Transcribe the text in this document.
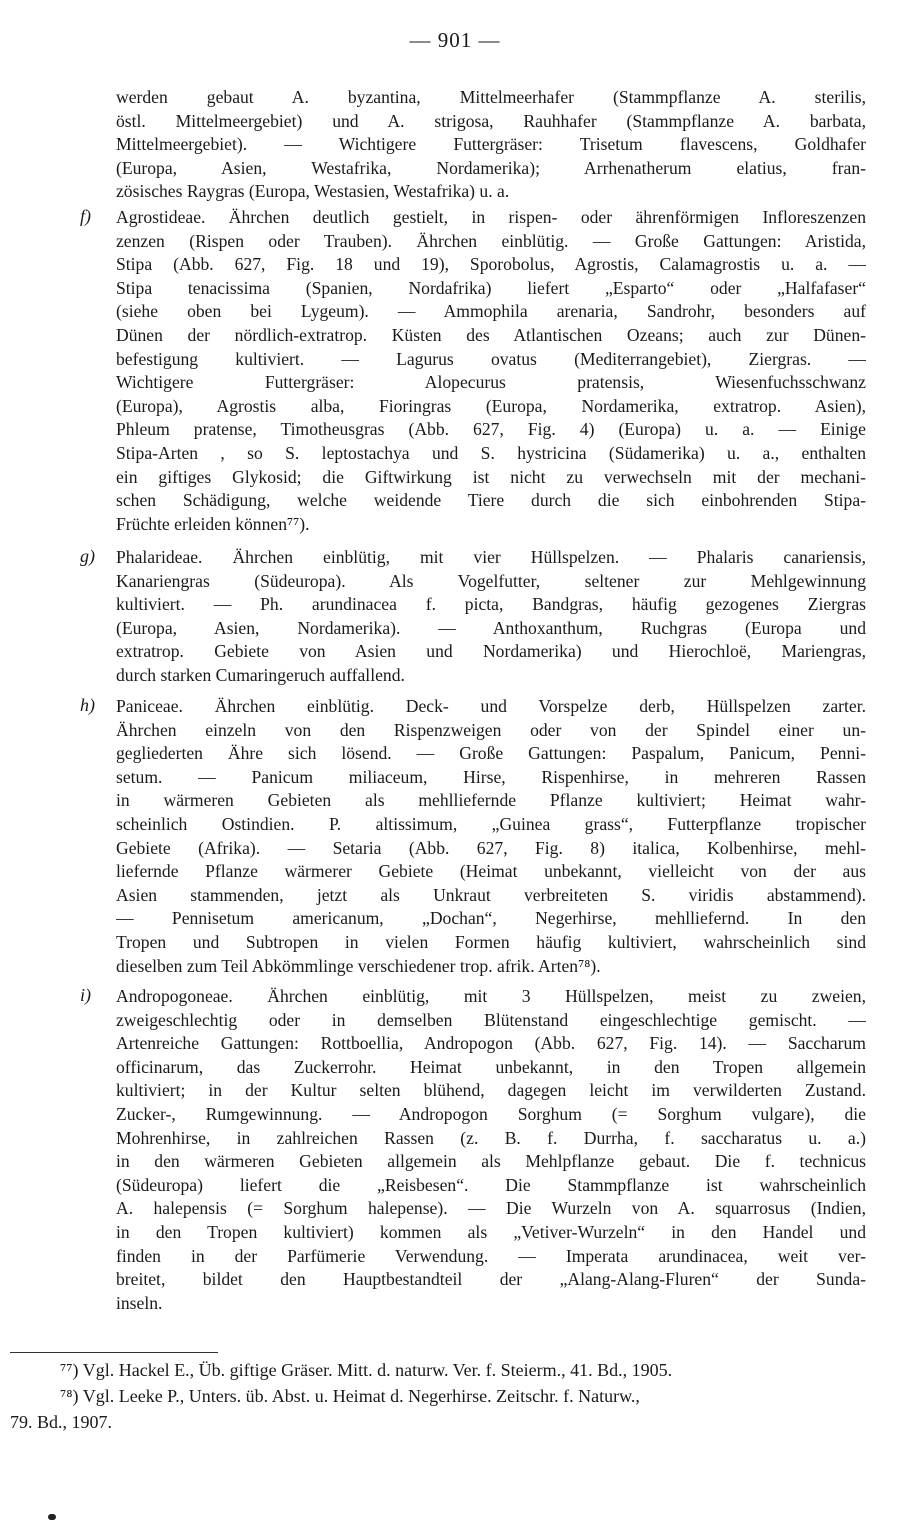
— 901 —
werden gebaut A. byzantina, Mittelmeerhafer (Stammpflanze A. sterilis,
östl. Mittelmeergebiet) und A. strigosa, Rauhhafer (Stammpflanze A. barbata,
Mittelmeergebiet). — Wichtigere Futtergräser: Trisetum flavescens, Goldhafer
(Europa, Asien, Westafrika, Nordamerika); Arrhenatherum elatius, fran-
zösisches Raygras (Europa, Westasien, Westafrika) u. a.
f) Agrostideae. Ährchen deutlich gestielt, in rispen- oder ährenförmigen Infloreszenzen
zenzen (Rispen oder Trauben). Ährchen einblütig. — Große Gattungen: Aristida,
Stipa (Abb. 627, Fig. 18 und 19), Sporobolus, Agrostis, Calamagrostis u. a. —
Stipa tenacissima (Spanien, Nordafrika) liefert „Esparto“ oder „Halfafaser“
(siehe oben bei Lygeum). — Ammophila arenaria, Sandrohr, besonders auf
Dünen der nördlich-extratrop. Küsten des Atlantischen Ozeans; auch zur Dünen-
befestigung kultiviert. — Lagurus ovatus (Mediterrangebiet), Ziergras. —
Wichtigere Futtergräser: Alopecurus pratensis, Wiesenfuchsschwanz
(Europa), Agrostis alba, Fioringras (Europa, Nordamerika, extratrop. Asien),
Phleum pratense, Timotheusgras (Abb. 627, Fig. 4) (Europa) u. a. — Einige
Stipa-Arten , so S. leptostachya und S. hystricina (Südamerika) u. a., enthalten
ein giftiges Glykosid; die Giftwirkung ist nicht zu verwechseln mit der mechani-
schen Schädigung, welche weidende Tiere durch die sich einbohrenden Stipa-
Früchte erleiden können⁷⁷).
g) Phalarideae. Ährchen einblütig, mit vier Hüllspelzen. — Phalaris canariensis,
Kanariengras (Südeuropa). Als Vogelfutter, seltener zur Mehlgewinnung
kultiviert. — Ph. arundinacea f. picta, Bandgras, häufig gezogenes Ziergras
(Europa, Asien, Nordamerika). — Anthoxanthum, Ruchgras (Europa und
extratrop. Gebiete von Asien und Nordamerika) und Hierochloë, Mariengras,
durch starken Cumaringeruch auffallend.
h) Paniceae. Ährchen einblütig. Deck- und Vorspelze derb, Hüllspelzen zarter.
Ährchen einzeln von den Rispenzweigen oder von der Spindel einer un-
gegliederten Ähre sich lösend. — Große Gattungen: Paspalum, Panicum, Penni-
setum. — Panicum miliaceum, Hirse, Rispenhirse, in mehreren Rassen
in wärmeren Gebieten als mehlliefernde Pflanze kultiviert; Heimat wahr-
scheinlich Ostindien. P. altissimum, „Guinea grass“, Futterpflanze tropischer
Gebiete (Afrika). — Setaria (Abb. 627, Fig. 8) italica, Kolbenhirse, mehl-
liefernde Pflanze wärmerer Gebiete (Heimat unbekannt, vielleicht von der aus
Asien stammenden, jetzt als Unkraut verbreiteten S. viridis abstammend).
— Pennisetum americanum, „Dochan“, Negerhirse, mehlliefernd. In den
Tropen und Subtropen in vielen Formen häufig kultiviert, wahrscheinlich sind
dieselben zum Teil Abkömmlinge verschiedener trop. afrik. Arten⁷⁸).
i) Andropogoneae. Ährchen einblütig, mit 3 Hüllspelzen, meist zu zweien,
zweigeschlechtig oder in demselben Blütenstand eingeschlechtige gemischt. —
Artenreiche Gattungen: Rottboellia, Andropogon (Abb. 627, Fig. 14). — Saccharum
officinarum, das Zuckerrohr. Heimat unbekannt, in den Tropen allgemein
kultiviert; in der Kultur selten blühend, dagegen leicht im verwilderten Zustand.
Zucker-, Rumgewinnung. — Andropogon Sorghum (= Sorghum vulgare), die
Mohrenhirse, in zahlreichen Rassen (z. B. f. Durrha, f. saccharatus u. a.)
in den wärmeren Gebieten allgemein als Mehlpflanze gebaut. Die f. technicus
(Südeuropa) liefert die „Reisbesen“. Die Stammpflanze ist wahrscheinlich
A. halepensis (= Sorghum halepense). — Die Wurzeln von A. squarrosus (Indien,
in den Tropen kultiviert) kommen als „Vetiver-Wurzeln“ in den Handel und
finden in der Parfümerie Verwendung. — Imperata arundinacea, weit ver-
breitet, bildet den Hauptbestandteil der „Alang-Alang-Fluren“ der Sunda-
inseln.
⁷⁷) Vgl. Hackel E., Üb. giftige Gräser. Mitt. d. naturw. Ver. f. Steierm., 41. Bd., 1905.
⁷⁸) Vgl. Leeke P., Unters. üb. Abst. u. Heimat d. Negerhirse. Zeitschr. f. Naturw.,
79. Bd., 1907.
